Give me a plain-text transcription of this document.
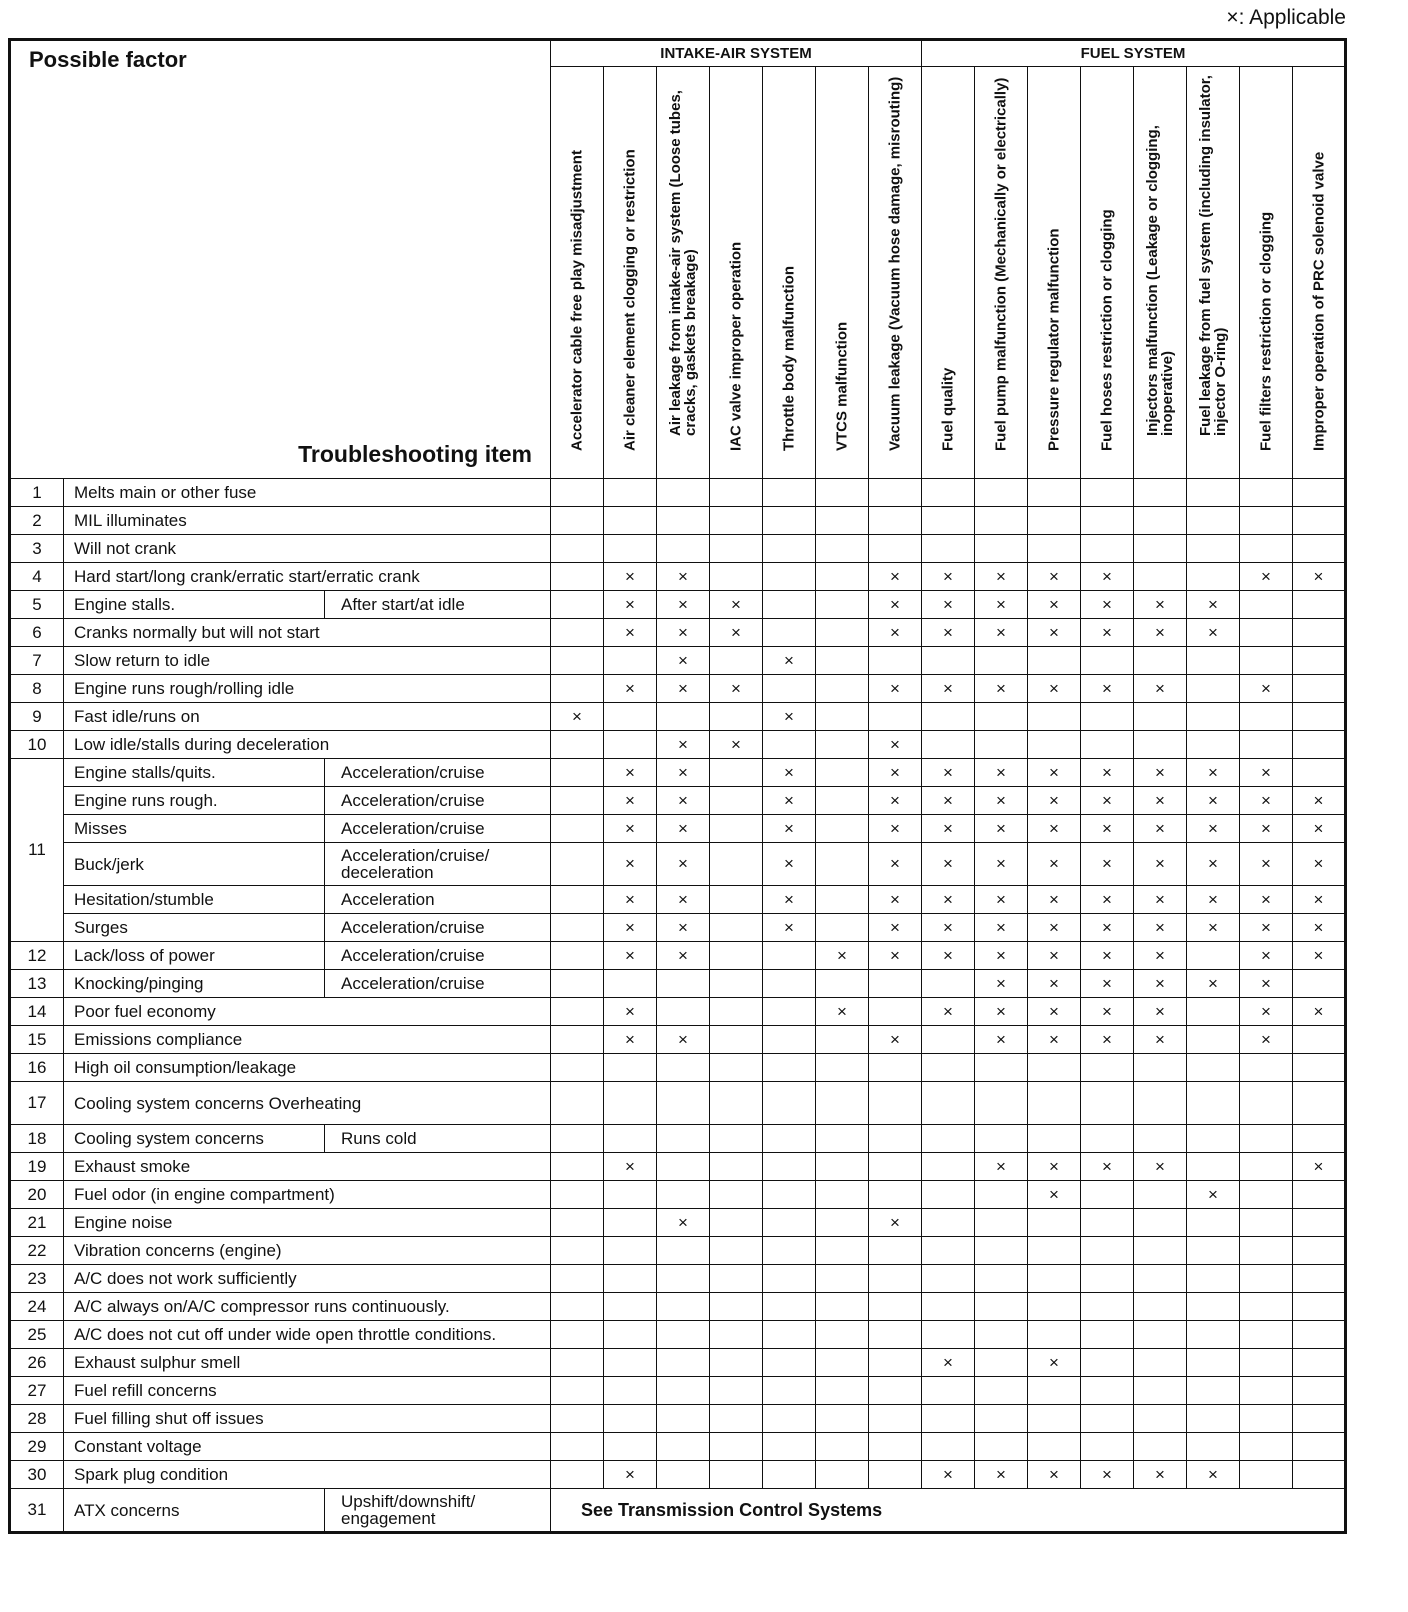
×: Applicable
Possible factor
Troubleshooting item			INTAKE-AIR SYSTEM							FUEL SYSTEM							

			Accelerator cable free play misadjustment	Air cleaner element clogging or restriction	Air leakage from intake-air system (Loose tubes, cracks, gaskets breakage)	IAC valve improper operation	Throttle body malfunction	VTCS malfunction	Vacuum leakage (Vacuum hose damage, misrouting)	Fuel quality	Fuel pump malfunction (Mechanically or electrically)	Pressure regulator malfunction	Fuel hoses restriction or clogging	Injectors malfunction (Leakage or clogging, inoperative)	Fuel leakage from fuel system (including insulator, injector O-ring)	Fuel filters restriction or clogging	Improper operation of PRC solenoid valve

1	Melts main or other fuse																
2	MIL illuminates																
3	Will not crank																
4	Hard start/long crank/erratic start/erratic crank			×	×				×	×	×	×	×			×	×
5	Engine stalls.	After start/at idle		×	×	×			×	×	×	×	×	×	×		
6	Cranks normally but will not start			×	×	×			×	×	×	×	×	×	×		
7	Slow return to idle				×		×										
8	Engine runs rough/rolling idle			×	×	×			×	×	×	×	×	×		×	
9	Fast idle/runs on		×				×										
10	Low idle/stalls during deceleration				×	×			×								
11	Engine stalls/quits.	Acceleration/cruise		×	×		×		×	×	×	×	×	×	×	×	
	Engine runs rough.	Acceleration/cruise		×	×		×		×	×	×	×	×	×	×	×	×
	Misses	Acceleration/cruise		×	×		×		×	×	×	×	×	×	×	×	×
	Buck/jerk	Acceleration/cruise/ deceleration		×	×		×		×	×	×	×	×	×	×	×	×
	Hesitation/stumble	Acceleration		×	×		×		×	×	×	×	×	×	×	×	×
	Surges	Acceleration/cruise		×	×		×		×	×	×	×	×	×	×	×	×
12	Lack/loss of power	Acceleration/cruise		×	×			×	×	×	×	×	×	×		×	×
13	Knocking/pinging	Acceleration/cruise									×	×	×	×	×	×	
14	Poor fuel economy			×				×		×	×	×	×	×		×	×
15	Emissions compliance			×	×				×		×	×	×	×		×	
16	High oil consumption/leakage																
17	Cooling system concerns Overheating																
18	Cooling system concerns	Runs cold															
19	Exhaust smoke			×							×	×	×	×			×
20	Fuel odor (in engine compartment)											×			×		
21	Engine noise				×				×								
22	Vibration concerns (engine)																
23	A/C does not work sufficiently																
24	A/C always on/A/C compressor runs continuously.																
25	A/C does not cut off under wide open throttle conditions.																
26	Exhaust sulphur smell									×		×					
27	Fuel refill concerns																
28	Fuel filling shut off issues																
29	Constant voltage																
30	Spark plug condition			×						×	×	×	×	×	×		
31	ATX concerns	Upshift/downshift/ engagement	See Transmission Control Systems														
